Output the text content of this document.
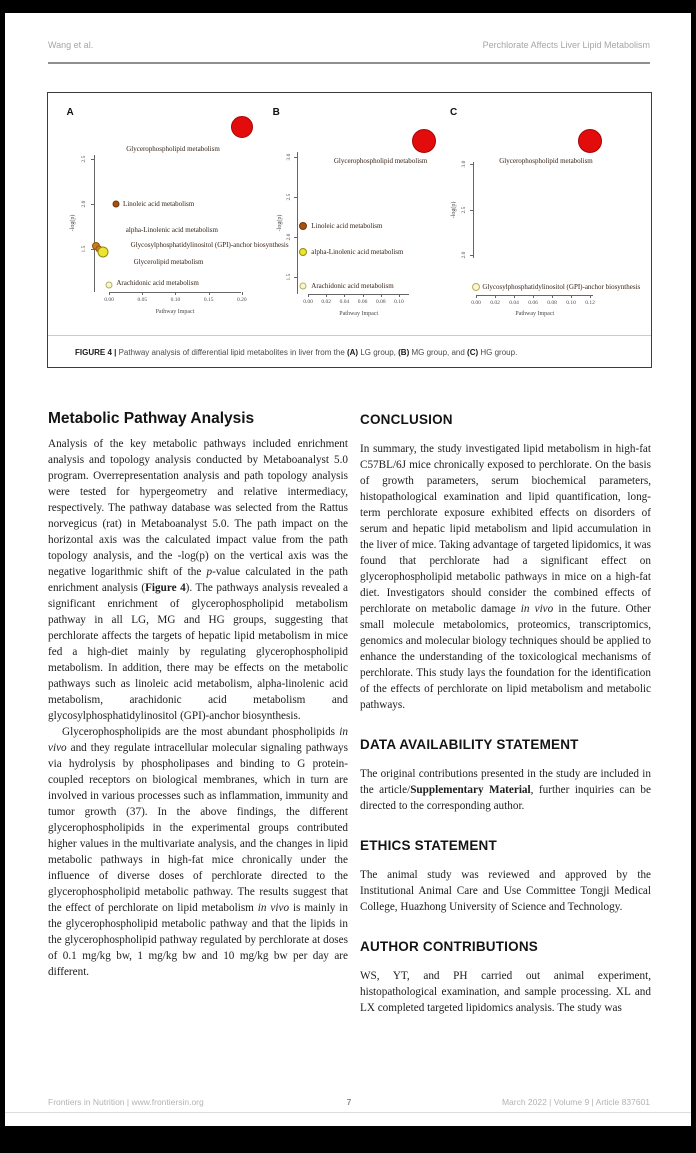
Wang et al.	Perchlorate Affects Liver Lipid Metabolism
A
0.00	0.05	0.10	0.15	0.20
2.5
2.0
1.5
Pathway Impact
-log(p)
Glycerophospholipid metabolism
Linoleic acid metabolism
alpha-Linolenic acid metabolism
Glycosylphosphatidylinositol (GPI)-anchor biosynthesis
Glycerolipid metabolism
Arachidonic acid metabolism
B
0.00 0.02 0.04 0.06 0.08 0.10
3.0
2.5
2.0
1.5
Pathway Impact
-log(p)
Glycerophospholipid metabolism
Linoleic acid metabolism
alpha-Linolenic acid metabolism
Arachidonic acid metabolism
C
0.00 0.02 0.04 0.06 0.08 0.10 0.12
3.0
2.5
2.0
Pathway Impact
-log(p)
Glycerophospholipid metabolism
Glycosylphosphatidylinositol (GPI)-anchor biosynthesis
FIGURE 4 | Pathway analysis of differential lipid metabolites in liver from the (A) LG group, (B) MG group, and (C) HG group.
Metabolic Pathway Analysis

Analysis of the key metabolic pathways included enrichment analysis and topology analysis conducted by Metaboanalyst 5.0 program. Overrepresentation analysis and path topology analysis were tested for hypergeometry and relative intermediacy, respectively. The pathway database was selected from the Rattus norvegicus (rat) in Metaboanalyst 5.0. The path impact on the horizontal axis was the calculated impact value from the path topology analysis, and the -log(p) on the vertical axis was the negative logarithmic shift of the p-value calculated in the path enrichment analysis (Figure 4). The pathways analysis revealed a significant enrichment of glycerophospholipid metabolism pathway in all LG, MG and HG groups, suggesting that perchlorate affects the targets of hepatic lipid metabolism in mice fed a high-diet mainly by regulating glycerophospholipid metabolism. In addition, there may be effects on the metabolic pathways such as linoleic acid metabolism, alpha-linolenic acid metabolism, arachidonic acid metabolism and glycosylphosphatidylinositol (GPI)-anchor biosynthesis.

Glycerophospholipids are the most abundant phospholipids in vivo and they regulate intracellular molecular signaling pathways via hydrolysis by phospholipases and binding to G protein-coupled receptors on biological membranes, which in turn are involved in various processes such as inflammation, immunity and tumor growth (37). In the above findings, the different glycerophospholipids in the experimental groups contributed higher values in the multivariate analysis, and the changes in lipid metabolic pathways in high-fat mice chronically under the influence of diverse doses of perchlorate directed to the glycerophospholipid metabolic pathway. The results suggest that the effect of perchlorate on lipid metabolism in vivo is mainly in the glycerophospholipid metabolic pathway and that the lipids in the glycerophospholipid pathway regulated by perchlorate at doses of 0.1 mg/kg bw, 1 mg/kg bw and 10 mg/kg bw per day are different.

CONCLUSION

In summary, the study investigated lipid metabolism in high-fat C57BL/6J mice chronically exposed to perchlorate. On the basis of growth parameters, serum biochemical parameters, histopathological examination and lipid quantification, long-term perchlorate exposure exhibited effects on disorders of serum and hepatic lipid metabolism and lipid accumulation in the liver of mice. Taking advantage of targeted lipidomics, it was found that perchlorate had a significant effect on glycerophospholipid metabolic pathways in mice on a high-fat diet. Investigators should consider the combined effects of perchlorate on metabolic damage in vivo in the future. Other small molecule metabolomics, proteomics, transcriptomics, genomics and molecular biology techniques should be applied to enhance the understanding of the toxicological mechanisms of perchlorate. This study lays the foundation for the identification of the effects of perchlorate on lipid metabolism and metabolic pathways.

DATA AVAILABILITY STATEMENT

The original contributions presented in the study are included in the article/Supplementary Material, further inquiries can be directed to the corresponding author.

ETHICS STATEMENT

The animal study was reviewed and approved by the Institutional Animal Care and Use Committee Tongji Medical College, Huazhong University of Science and Technology.

AUTHOR CONTRIBUTIONS

WS, YT, and PH carried out animal experiment, histopathological examination, and sample processing. XL and LX completed targeted lipidomics analysis. The study was

Frontiers in Nutrition | www.frontiersin.org	7	March 2022 | Volume 9 | Article 837601
